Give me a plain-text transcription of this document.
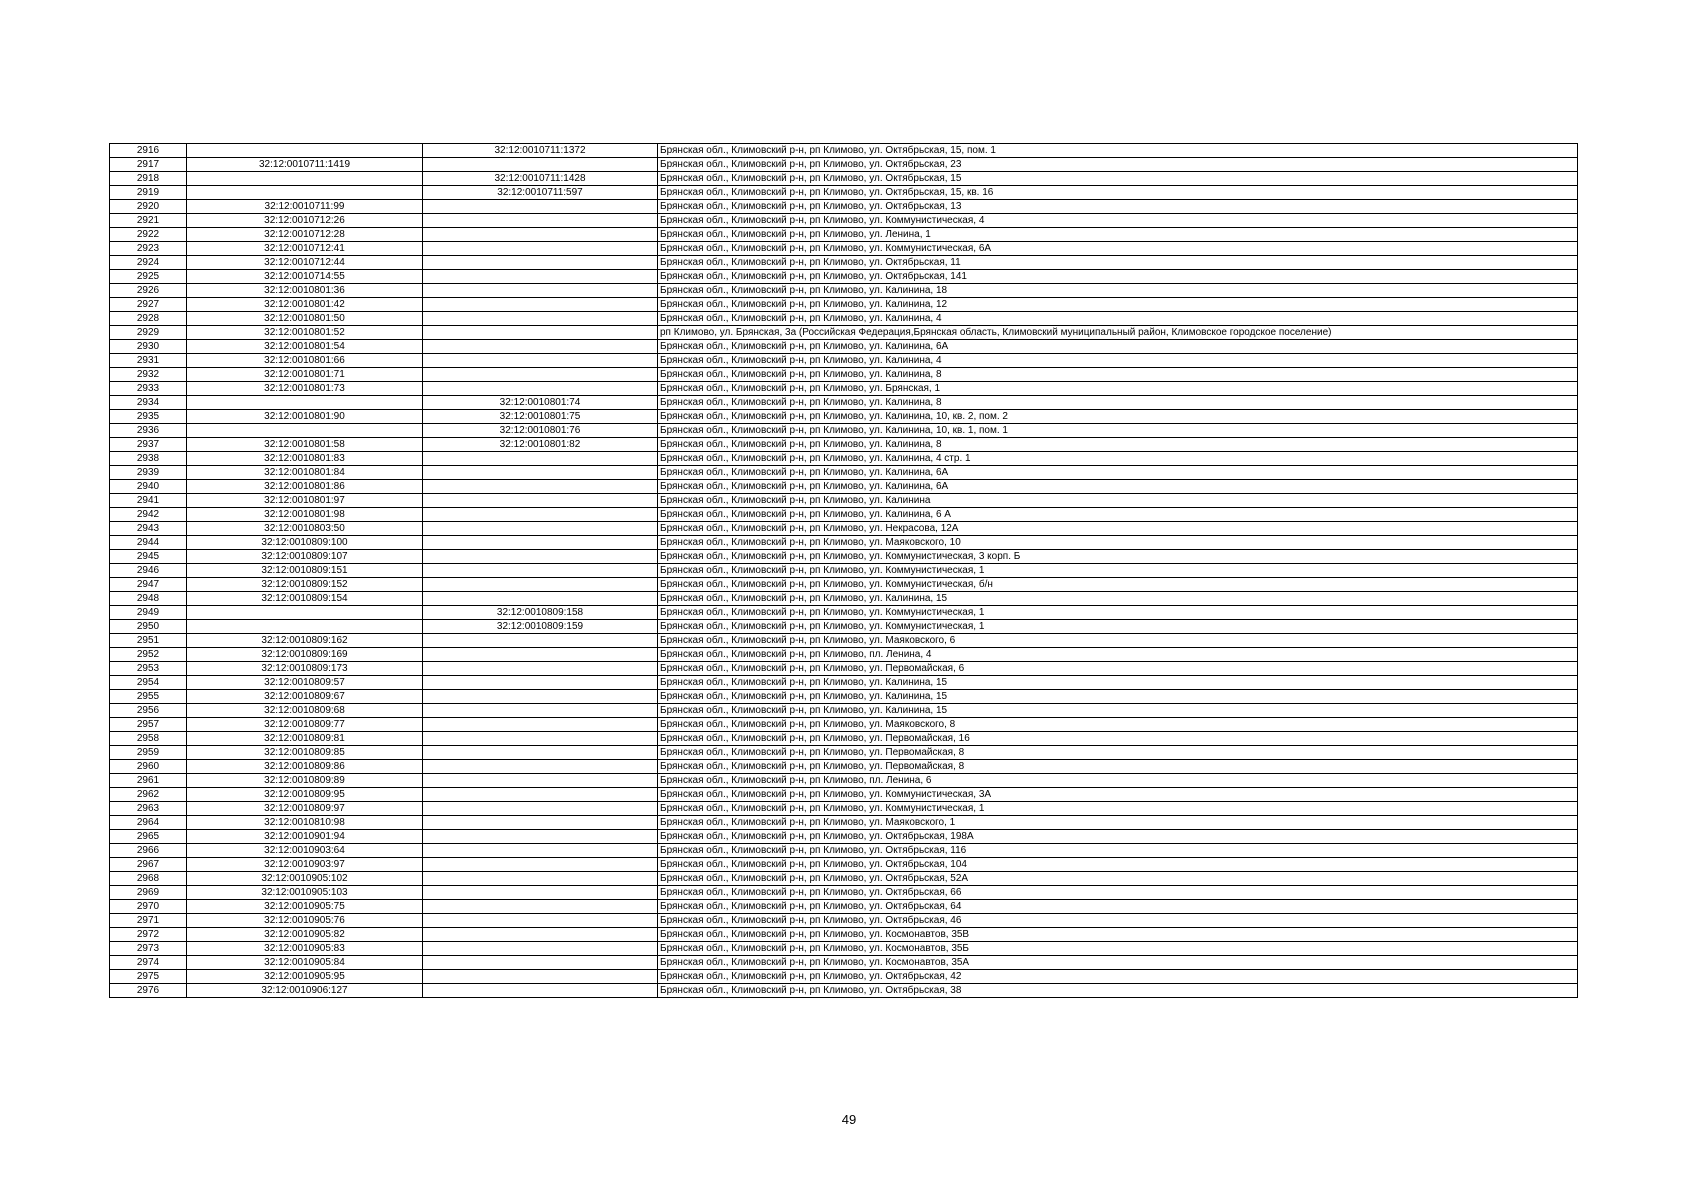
2916		32:12:0010711:1372	Брянская обл., Климовский р-н, рп Климово, ул. Октябрьская, 15, пом. 1
2917	32:12:0010711:1419		Брянская обл., Климовский р-н, рп Климово, ул. Октябрьская, 23
2918		32:12:0010711:1428	Брянская обл., Климовский р-н, рп Климово, ул. Октябрьская, 15
2919		32:12:0010711:597	Брянская обл., Климовский р-н, рп Климово, ул. Октябрьская, 15, кв. 16
2920	32:12:0010711:99		Брянская обл., Климовский р-н, рп Климово, ул. Октябрьская, 13
2921	32:12:0010712:26		Брянская обл., Климовский р-н, рп Климово, ул. Коммунистическая, 4
2922	32:12:0010712:28		Брянская обл., Климовский р-н, рп Климово, ул. Ленина, 1
2923	32:12:0010712:41		Брянская обл., Климовский р-н, рп Климово, ул. Коммунистическая, 6А
2924	32:12:0010712:44		Брянская обл., Климовский р-н, рп Климово, ул. Октябрьская, 11
2925	32:12:0010714:55		Брянская обл., Климовский р-н, рп Климово, ул. Октябрьская, 141
2926	32:12:0010801:36		Брянская обл., Климовский р-н, рп Климово, ул. Калинина, 18
2927	32:12:0010801:42		Брянская обл., Климовский р-н, рп Климово, ул. Калинина, 12
2928	32:12:0010801:50		Брянская обл., Климовский р-н, рп Климово, ул. Калинина, 4
2929	32:12:0010801:52		рп Климово, ул. Брянская, 3а (Российская Федерация,Брянская область, Климовский муниципальный район, Климовское городское поселение)
2930	32:12:0010801:54		Брянская обл., Климовский р-н, рп Климово, ул. Калинина, 6А
2931	32:12:0010801:66		Брянская обл., Климовский р-н, рп Климово, ул. Калинина, 4
2932	32:12:0010801:71		Брянская обл., Климовский р-н, рп Климово, ул. Калинина, 8
2933	32:12:0010801:73		Брянская обл., Климовский р-н, рп Климово, ул. Брянская, 1
2934		32:12:0010801:74	Брянская обл., Климовский р-н, рп Климово, ул. Калинина, 8
2935	32:12:0010801:90	32:12:0010801:75	Брянская обл., Климовский р-н, рп Климово, ул. Калинина, 10, кв. 2, пом. 2
2936		32:12:0010801:76	Брянская обл., Климовский р-н, рп Климово, ул. Калинина, 10, кв. 1, пом. 1
2937	32:12:0010801:58	32:12:0010801:82	Брянская обл., Климовский р-н, рп Климово, ул. Калинина, 8
2938	32:12:0010801:83		Брянская обл., Климовский р-н, рп Климово, ул. Калинина, 4 стр. 1
2939	32:12:0010801:84		Брянская обл., Климовский р-н, рп Климово, ул. Калинина, 6А
2940	32:12:0010801:86		Брянская обл., Климовский р-н, рп Климово, ул. Калинина, 6А
2941	32:12:0010801:97		Брянская обл., Климовский р-н, рп Климово, ул. Калинина
2942	32:12:0010801:98		Брянская обл., Климовский р-н, рп Климово, ул. Калинина, 6 А
2943	32:12:0010803:50		Брянская обл., Климовский р-н, рп Климово, ул. Некрасова, 12А
2944	32:12:0010809:100		Брянская обл., Климовский р-н, рп Климово, ул. Маяковского, 10
2945	32:12:0010809:107		Брянская обл., Климовский р-н, рп Климово, ул. Коммунистическая, 3 корп. Б
2946	32:12:0010809:151		Брянская обл., Климовский р-н, рп Климово, ул. Коммунистическая, 1
2947	32:12:0010809:152		Брянская обл., Климовский р-н, рп Климово, ул. Коммунистическая, б/н
2948	32:12:0010809:154		Брянская обл., Климовский р-н, рп Климово, ул. Калинина, 15
2949		32:12:0010809:158	Брянская обл., Климовский р-н, рп Климово, ул. Коммунистическая, 1
2950		32:12:0010809:159	Брянская обл., Климовский р-н, рп Климово, ул. Коммунистическая, 1
2951	32:12:0010809:162		Брянская обл., Климовский р-н, рп Климово, ул. Маяковского, 6
2952	32:12:0010809:169		Брянская обл., Климовский р-н, рп Климово, пл. Ленина, 4
2953	32:12:0010809:173		Брянская обл., Климовский р-н, рп Климово, ул. Первомайская, 6
2954	32:12:0010809:57		Брянская обл., Климовский р-н, рп Климово, ул. Калинина, 15
2955	32:12:0010809:67		Брянская обл., Климовский р-н, рп Климово, ул. Калинина, 15
2956	32:12:0010809:68		Брянская обл., Климовский р-н, рп Климово, ул. Калинина, 15
2957	32:12:0010809:77		Брянская обл., Климовский р-н, рп Климово, ул. Маяковского, 8
2958	32:12:0010809:81		Брянская обл., Климовский р-н, рп Климово, ул. Первомайская, 16
2959	32:12:0010809:85		Брянская обл., Климовский р-н, рп Климово, ул. Первомайская, 8
2960	32:12:0010809:86		Брянская обл., Климовский р-н, рп Климово, ул. Первомайская, 8
2961	32:12:0010809:89		Брянская обл., Климовский р-н, рп Климово, пл. Ленина, 6
2962	32:12:0010809:95		Брянская обл., Климовский р-н, рп Климово, ул. Коммунистическая, 3А
2963	32:12:0010809:97		Брянская обл., Климовский р-н, рп Климово, ул. Коммунистическая, 1
2964	32:12:0010810:98		Брянская обл., Климовский р-н, рп Климово, ул. Маяковского, 1
2965	32:12:0010901:94		Брянская обл., Климовский р-н, рп Климово, ул. Октябрьская, 198А
2966	32:12:0010903:64		Брянская обл., Климовский р-н, рп Климово, ул. Октябрьская, 116
2967	32:12:0010903:97		Брянская обл., Климовский р-н, рп Климово, ул. Октябрьская, 104
2968	32:12:0010905:102		Брянская обл., Климовский р-н, рп Климово, ул. Октябрьская, 52А
2969	32:12:0010905:103		Брянская обл., Климовский р-н, рп Климово, ул. Октябрьская, 66
2970	32:12:0010905:75		Брянская обл., Климовский р-н, рп Климово, ул. Октябрьская, 64
2971	32:12:0010905:76		Брянская обл., Климовский р-н, рп Климово, ул. Октябрьская, 46
2972	32:12:0010905:82		Брянская обл., Климовский р-н, рп Климово, ул. Космонавтов, 35В
2973	32:12:0010905:83		Брянская обл., Климовский р-н, рп Климово, ул. Космонавтов, 35Б
2974	32:12:0010905:84		Брянская обл., Климовский р-н, рп Климово, ул. Космонавтов, 35А
2975	32:12:0010905:95		Брянская обл., Климовский р-н, рп Климово, ул. Октябрьская, 42
2976	32:12:0010906:127		Брянская обл., Климовский р-н, рп Климово, ул. Октябрьская, 38
49
